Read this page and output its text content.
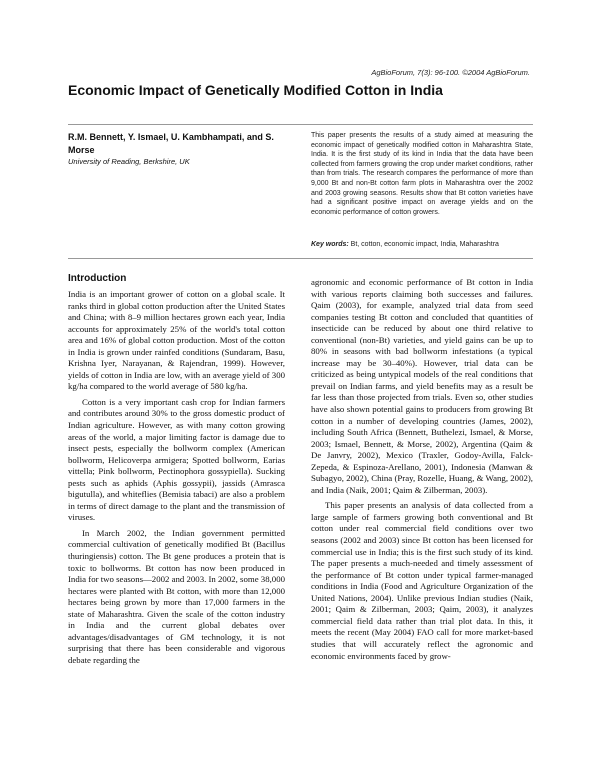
AgBioForum, 7(3): 96-100. ©2004 AgBioForum.
Economic Impact of Genetically Modified Cotton in India
R.M. Bennett, Y. Ismael, U. Kambhampati, and S. Morse
University of Reading, Berkshire, UK
This paper presents the results of a study aimed at measuring the economic impact of genetically modified cotton in Maharashtra State, India. It is the first study of its kind in India that the data have been collected from farmers growing the crop under market conditions, rather than from trials. The research compares the performance of more than 9,000 Bt and non-Bt cotton farm plots in Maharashtra over the 2002 and 2003 growing seasons. Results show that Bt cotton varieties have had a significant positive impact on average yields and on the economic performance of cotton growers.
Key words: Bt, cotton, economic impact, India, Maharashtra
Introduction

India is an important grower of cotton on a global scale. It ranks third in global cotton production after the United States and China; with 8–9 million hectares grown each year, India accounts for approximately 25% of the world's total cotton area and 16% of global cotton production. Most of the cotton in India is grown under rainfed conditions (Sundaram, Basu, Krishna Iyer, Narayanan, & Rajendran, 1999). However, yields of cotton in India are low, with an average yield of 300 kg/ha compared to the world average of 580 kg/ha.

Cotton is a very important cash crop for Indian farmers and contributes around 30% to the gross domestic product of Indian agriculture. However, as with many cotton growing areas of the world, a major limiting factor is damage due to insect pests, especially the bollworm complex (American bollworm, Helicoverpa armigera; Spotted bollworm, Earias vittella; Pink bollworm, Pectinophora gossypiella). Sucking pests such as aphids (Aphis gossypii), jassids (Amrasca bigutulla), and whiteflies (Bemisia tabaci) are also a problem in terms of direct damage to the plant and the transmission of viruses.

In March 2002, the Indian government permitted commercial cultivation of genetically modified Bt (Bacillus thuringiensis) cotton. The Bt gene produces a protein that is toxic to bollworms. Bt cotton has now been produced in India for two seasons—2002 and 2003. In 2002, some 38,000 hectares were planted with Bt cotton, with more than 12,000 hectares being grown by more than 17,000 farmers in the state of Maharashtra. Given the scale of the cotton industry in India and the current global debates over advantages/disadvantages of GM technology, it is not surprising that there has been considerable and vigorous debate regarding the

agronomic and economic performance of Bt cotton in India with various reports claiming both successes and failures. Qaim (2003), for example, analyzed trial data from seed companies testing Bt cotton and concluded that quantities of insecticide can be reduced by about one third relative to conventional (non-Bt) varieties, and yield gains can be up to 80% in seasons with bad bollworm infestations (a typical increase may be 30–40%). However, trial data can be criticized as being untypical models of the real conditions that prevail on Indian farms, and yield benefits may as a result be far less than those projected from trials. Even so, other studies have also shown potential gains to producers from growing Bt cotton in a number of developing countries (James, 2002), including South Africa (Bennett, Buthelezi, Ismael, & Morse, 2003; Ismael, Bennett, & Morse, 2002), Argentina (Qaim & De Janvry, 2002), Mexico (Traxler, Godoy-Avilla, Falck-Zepeda, & Espinoza-Arellano, 2001), Indonesia (Manwan & Subagyo, 2002), China (Pray, Rozelle, Huang, & Wang, 2002), and India (Naik, 2001; Qaim & Zilberman, 2003).

This paper presents an analysis of data collected from a large sample of farmers growing both conventional and Bt cotton under real commercial field conditions over two seasons (2002 and 2003) since Bt cotton has been licensed for commercial use in India; this is the first such study of its kind. The paper presents a much-needed and timely assessment of the performance of Bt cotton under typical farmer-managed conditions in India (Food and Agriculture Organization of the United Nations, 2004). Unlike previous Indian studies (Naik, 2001; Qaim & Zilberman, 2003; Qaim, 2003), it analyzes commercial field data rather than trial plot data. In this, it meets the recent (May 2004) FAO call for more market-based studies that will accurately reflect the agronomic and economic environments faced by grow-
